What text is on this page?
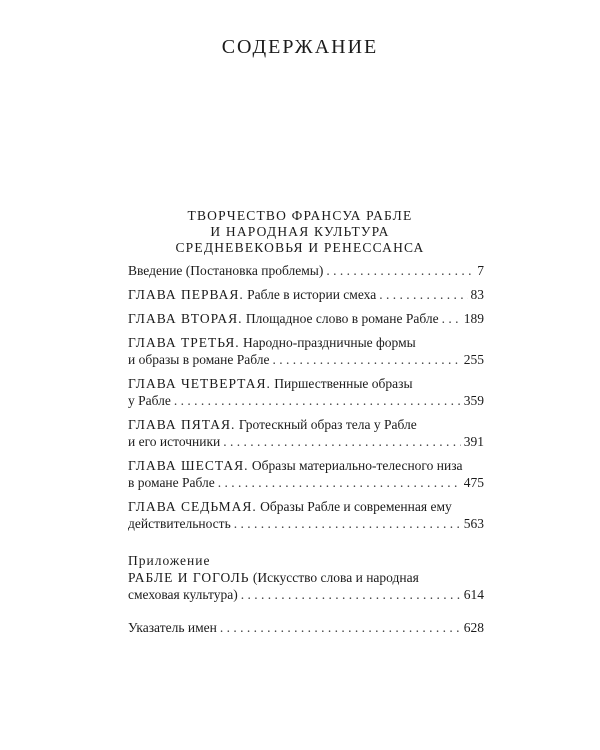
СОДЕРЖАНИЕ
ТВОРЧЕСТВО ФРАНСУА РАБЛЕ
И НАРОДНАЯ КУЛЬТУРА
СРЕДНЕВЕКОВЬЯ И РЕНЕССАНСА
Введение (Постановка проблемы) . . .	7
ГЛАВА ПЕРВАЯ. Рабле в истории смеха . . .	83
ГЛАВА ВТОРАЯ. Площадное слово в романе Рабле . . . 189
ГЛАВА ТРЕТЬЯ. Народно-праздничные формы
и образы в романе Рабле . . .	255
ГЛАВА ЧЕТВЕРТАЯ. Пиршественные образы
у Рабле . . .	359
ГЛАВА ПЯТАЯ. Гротескный образ тела у Рабле
и его источники . . .	391
ГЛАВА ШЕСТАЯ. Образы материально-телесного низа
в романе Рабле . . .	475
ГЛАВА СЕДЬМАЯ. Образы Рабле и современная ему
действительность . . .	563
Приложение
РАБЛЕ И ГОГОЛЬ (Искусство слова и народная
смеховая культура) . . .	614
Указатель имен . . .	628
